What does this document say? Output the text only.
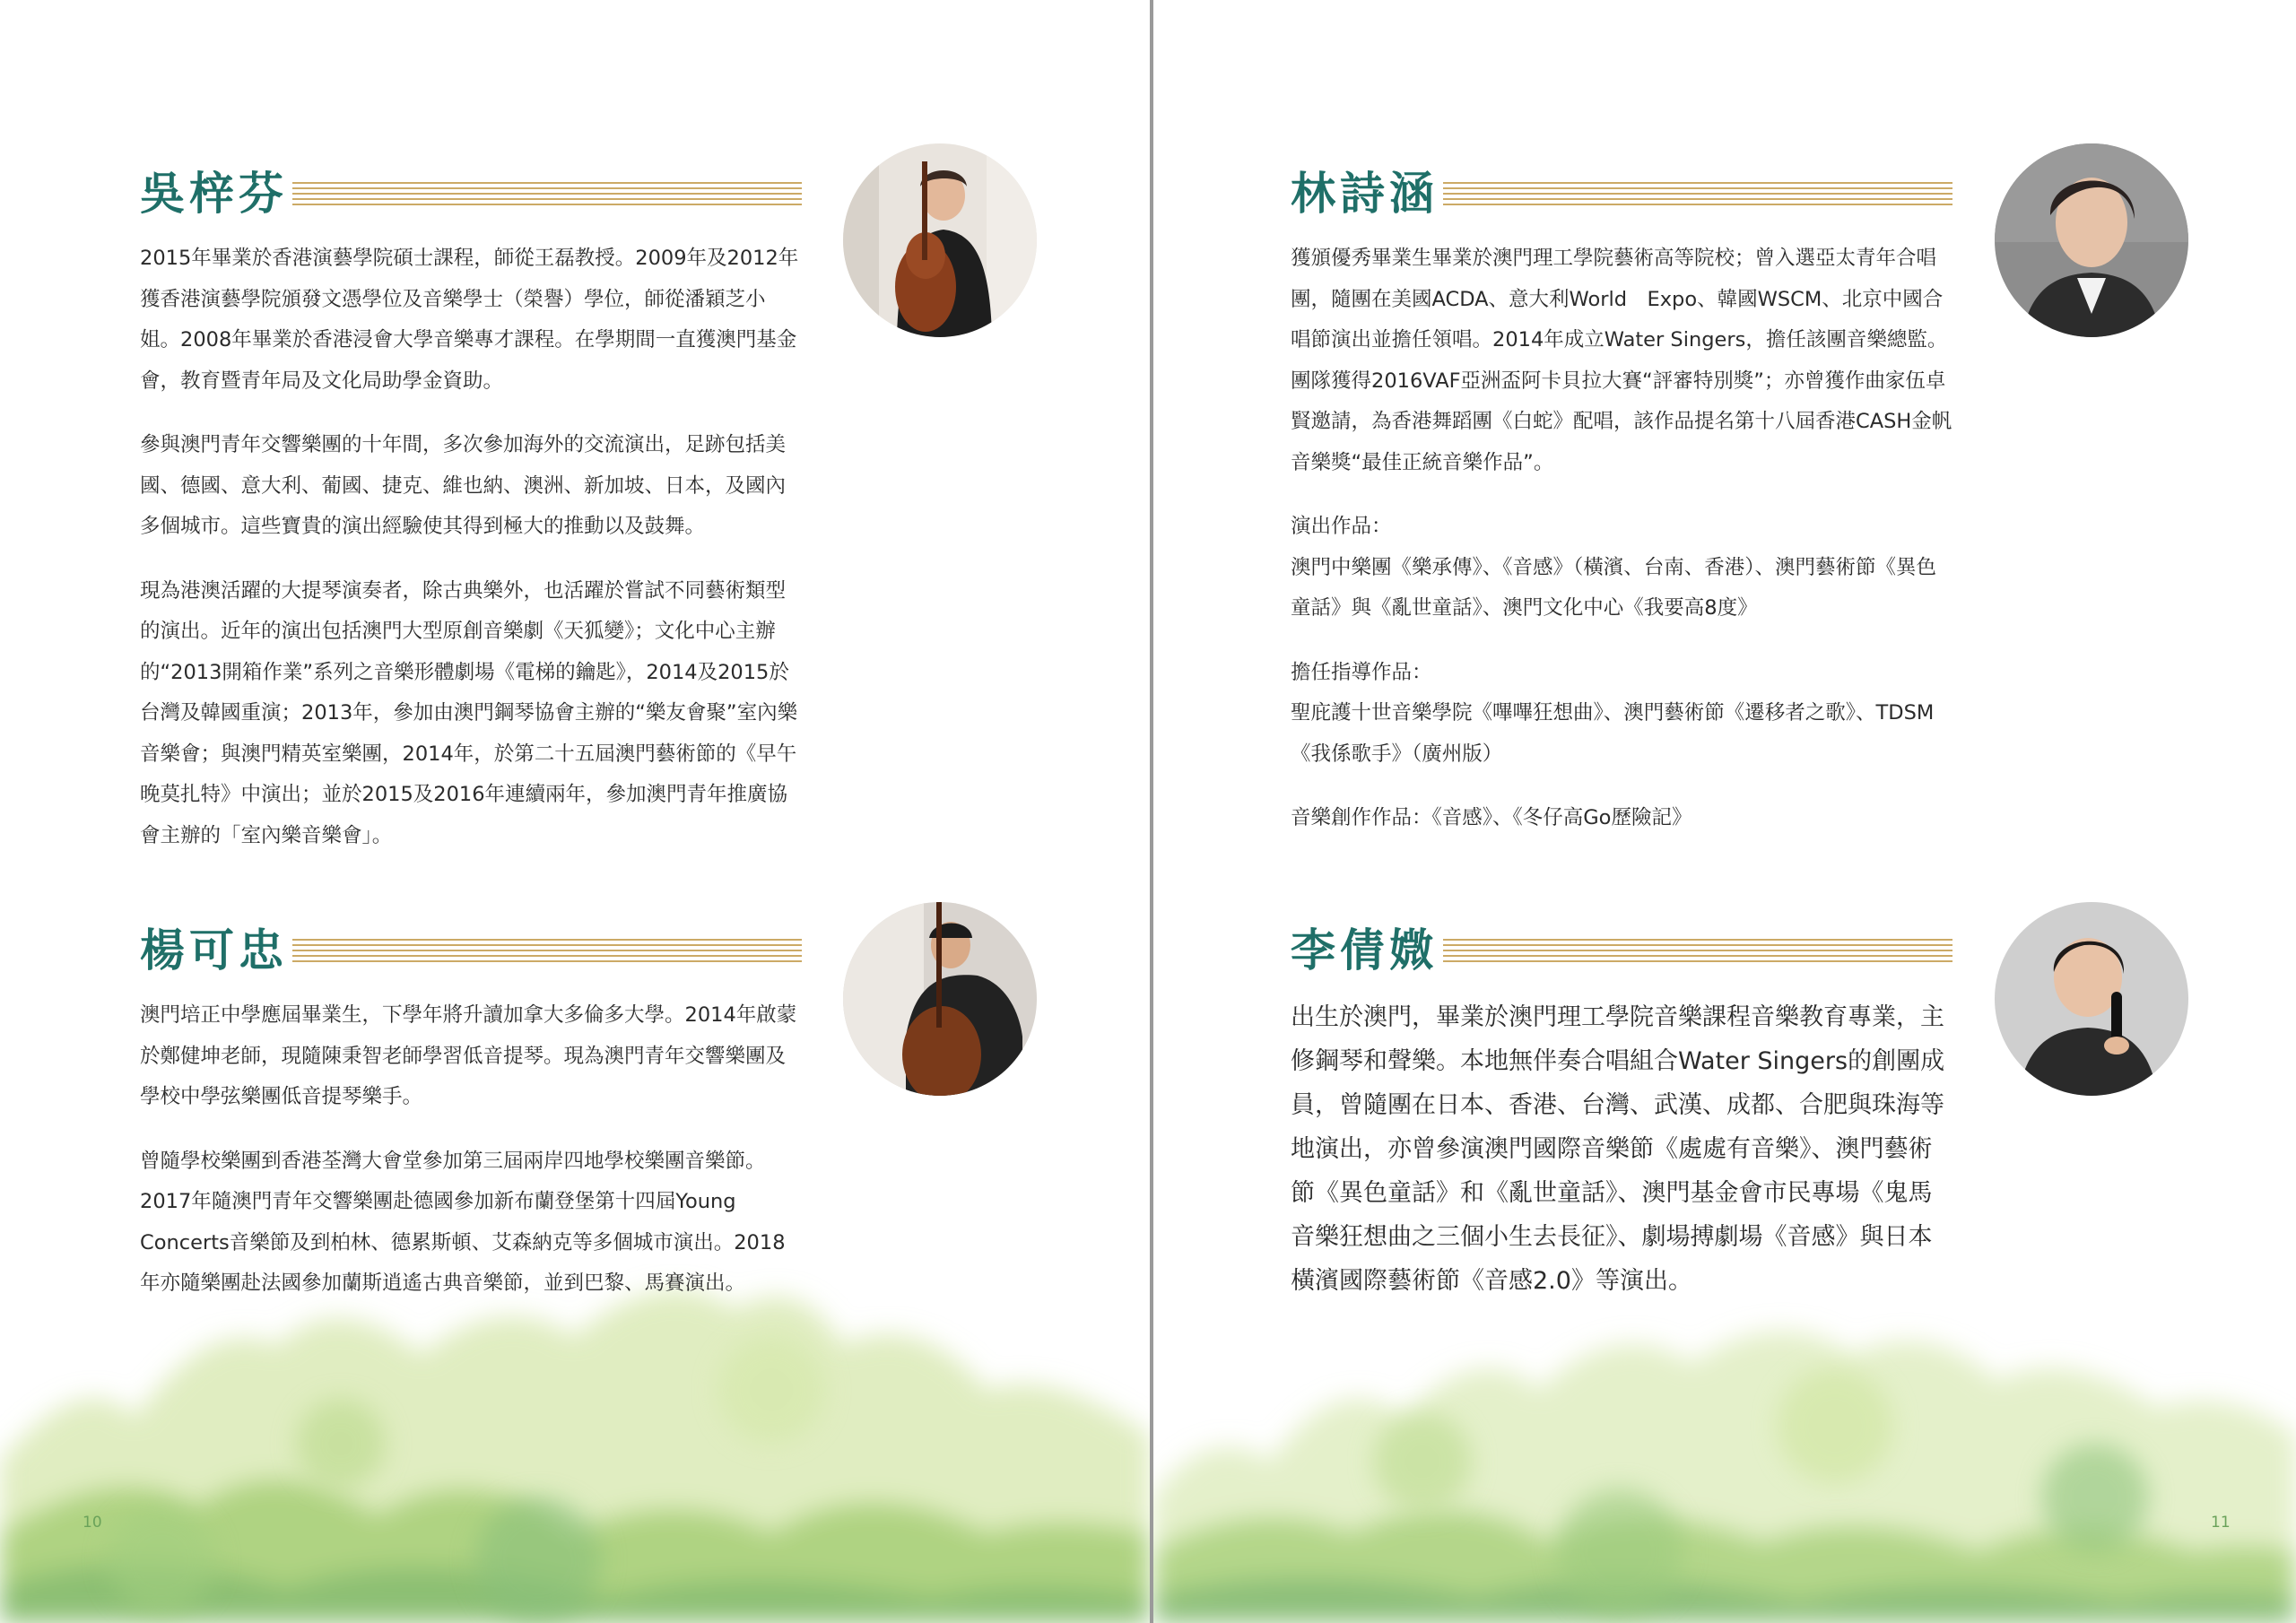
吳梓芬

2015年畢業於香港演藝學院碩士課程，師從王磊教授。2009年及2012年獲香港演藝學院頒發文憑學位及音樂學士（榮譽）學位，師從潘穎芝小姐。2008年畢業於香港浸會大學音樂專才課程。在學期間一直獲澳門基金會，教育暨青年局及文化局助學金資助。

參與澳門青年交響樂團的十年間，多次參加海外的交流演出，足跡包括美國、德國、意大利、葡國、捷克、維也納、澳洲、新加坡、日本，及國內多個城市。這些寶貴的演出經驗使其得到極大的推動以及鼓舞。

現為港澳活躍的大提琴演奏者，除古典樂外，也活躍於嘗試不同藝術類型的演出。近年的演出包括澳門大型原創音樂劇《天狐變》；文化中心主辦的“2013開箱作業”系列之音樂形體劇場《電梯的鑰匙》，2014及2015於台灣及韓國重演；2013年，參加由澳門鋼琴協會主辦的“樂友會聚”室內樂音樂會；與澳門精英室樂團，2014年，於第二十五屆澳門藝術節的《早午晚莫扎特》中演出；並於2015及2016年連續兩年，參加澳門青年推廣協會主辦的「室內樂音樂會」。

楊可忠

澳門培正中學應屆畢業生，下學年將升讀加拿大多倫多大學。2014年啟蒙於鄭健坤老師，現隨陳秉智老師學習低音提琴。現為澳門青年交響樂團及學校中學弦樂團低音提琴樂手。

曾隨學校樂團到香港荃灣大會堂參加第三屆兩岸四地學校樂團音樂節。2017年隨澳門青年交響樂團赴德國參加新布蘭登堡第十四屆Young　Concerts音樂節及到柏林、德累斯頓、艾森納克等多個城市演出。2018年亦隨樂團赴法國參加蘭斯逍遙古典音樂節，並到巴黎、馬賽演出。

10
林詩涵

獲頒優秀畢業生畢業於澳門理工學院藝術高等院校；曾入選亞太青年合唱團，隨團在美國ACDA、意大利World　Expo、韓國WSCM、北京中國合唱節演出並擔任領唱。2014年成立Water Singers，擔任該團音樂總監。團隊獲得2016VAF亞洲盃阿卡貝拉大賽“評審特別獎”；亦曾獲作曲家伍卓賢邀請，為香港舞蹈團《白蛇》配唱，該作品提名第十八屆香港CASH金帆音樂獎“最佳正統音樂作品”。

演出作品：
澳門中樂團《樂承傳》、《音感》（橫濱、台南、香港）、澳門藝術節《異色童話》與《亂世童話》、澳門文化中心《我要高8度》

擔任指導作品：
聖庇護十世音樂學院《嗶嗶狂想曲》、澳門藝術節《遷移者之歌》、TDSM《我係歌手》（廣州版）

音樂創作作品：《音感》、《冬仔高Go歷險記》

李倩媺

出生於澳門，畢業於澳門理工學院音樂課程音樂教育專業，主修鋼琴和聲樂。本地無伴奏合唱組合Water Singers的創團成員，曾隨團在日本、香港、台灣、武漢、成都、合肥與珠海等地演出，亦曾參演澳門國際音樂節《處處有音樂》、澳門藝術節《異色童話》和《亂世童話》、澳門基金會市民專場《鬼馬音樂狂想曲之三個小生去長征》、劇場搏劇場《音感》與日本橫濱國際藝術節《音感2.0》等演出。

11
